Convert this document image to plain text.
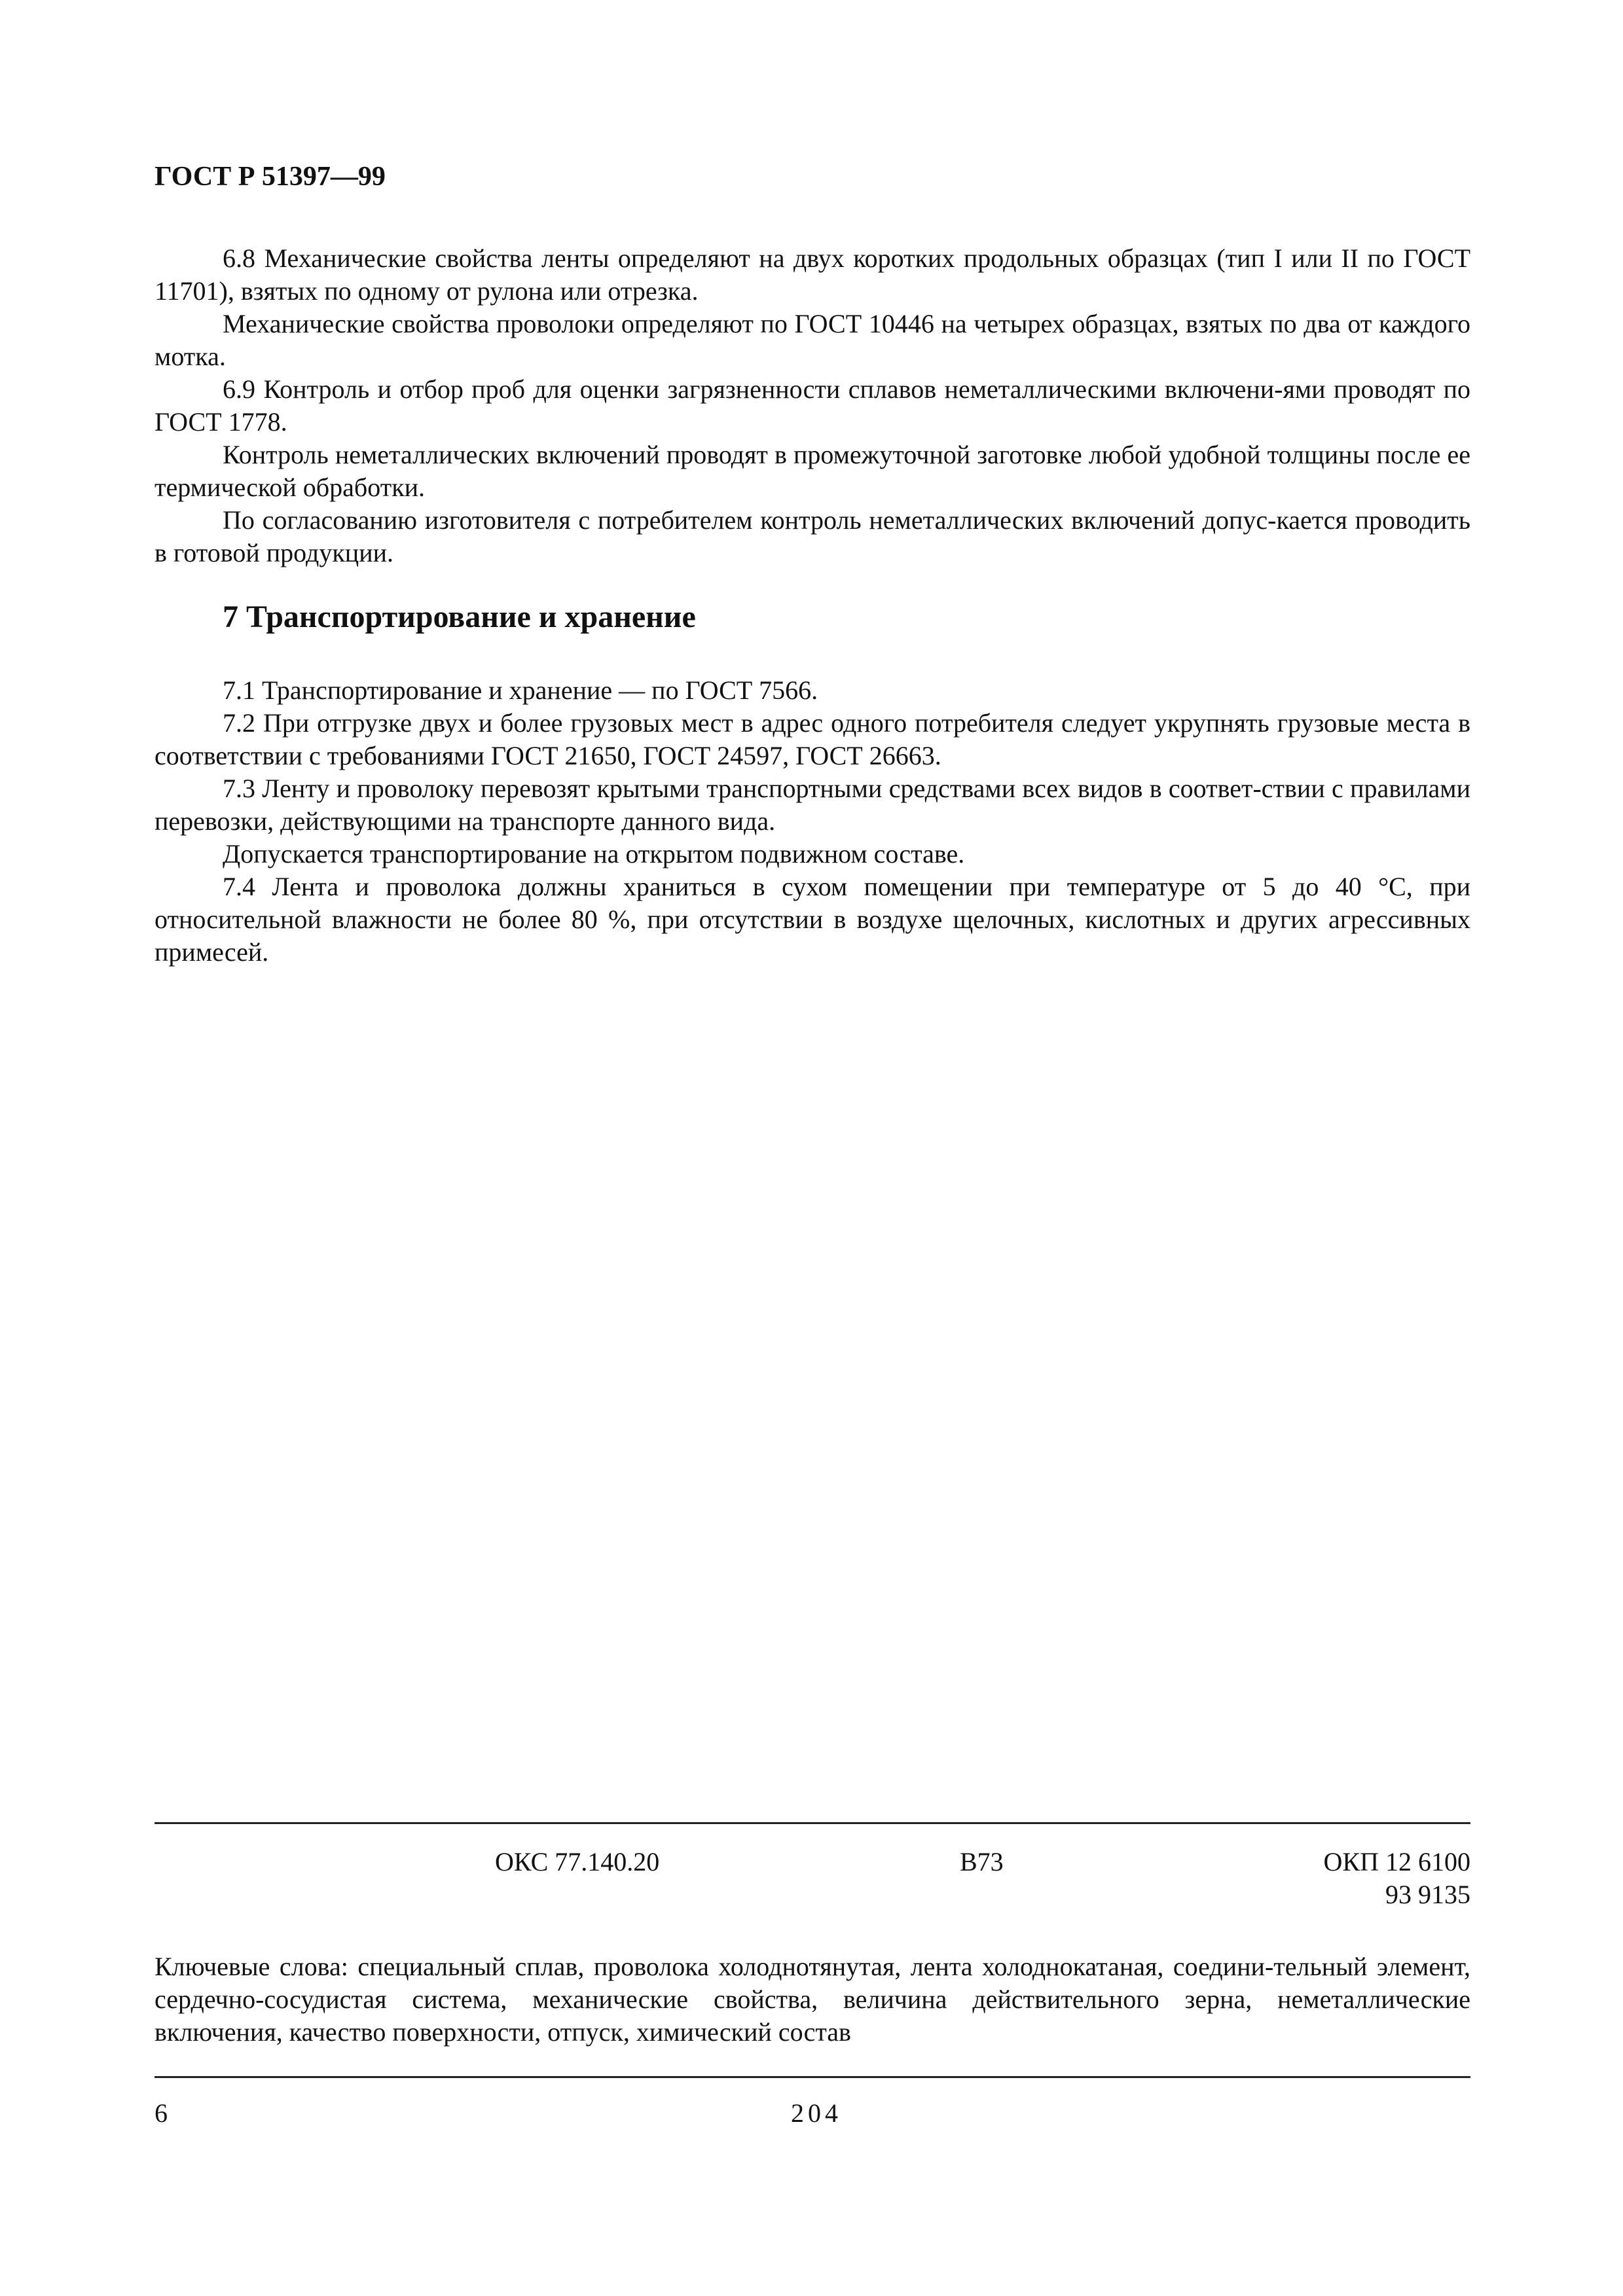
ГОСТ Р 51397—99
6.8 Механические свойства ленты определяют на двух коротких продольных образцах (тип I или II по ГОСТ 11701), взятых по одному от рулона или отрезка.
Механические свойства проволоки определяют по ГОСТ 10446 на четырех образцах, взятых по два от каждого мотка.
6.9 Контроль и отбор проб для оценки загрязненности сплавов неметаллическими включени-ями проводят по ГОСТ 1778.
Контроль неметаллических включений проводят в промежуточной заготовке любой удобной толщины после ее термической обработки.
По согласованию изготовителя с потребителем контроль неметаллических включений допус-кается проводить в готовой продукции.
7 Транспортирование и хранение
7.1 Транспортирование и хранение — по ГОСТ 7566.
7.2 При отгрузке двух и более грузовых мест в адрес одного потребителя следует укрупнять грузовые места в соответствии с требованиями ГОСТ 21650, ГОСТ 24597, ГОСТ 26663.
7.3 Ленту и проволоку перевозят крытыми транспортными средствами всех видов в соответ-ствии с правилами перевозки, действующими на транспорте данного вида.
Допускается транспортирование на открытом подвижном составе.
7.4 Лента и проволока должны храниться в сухом помещении при температуре от 5 до 40 °С, при относительной влажности не более 80 %, при отсутствии в воздухе щелочных, кислотных и других агрессивных примесей.
ОКС 77.140.20	В73	ОКП 12 6100
93 9135
Ключевые слова: специальный сплав, проволока холоднотянутая, лента холоднокатаная, соедини-тельный элемент, сердечно-сосудистая система, механические свойства, величина действительного зерна, неметаллические включения, качество поверхности, отпуск, химический состав
6	204
